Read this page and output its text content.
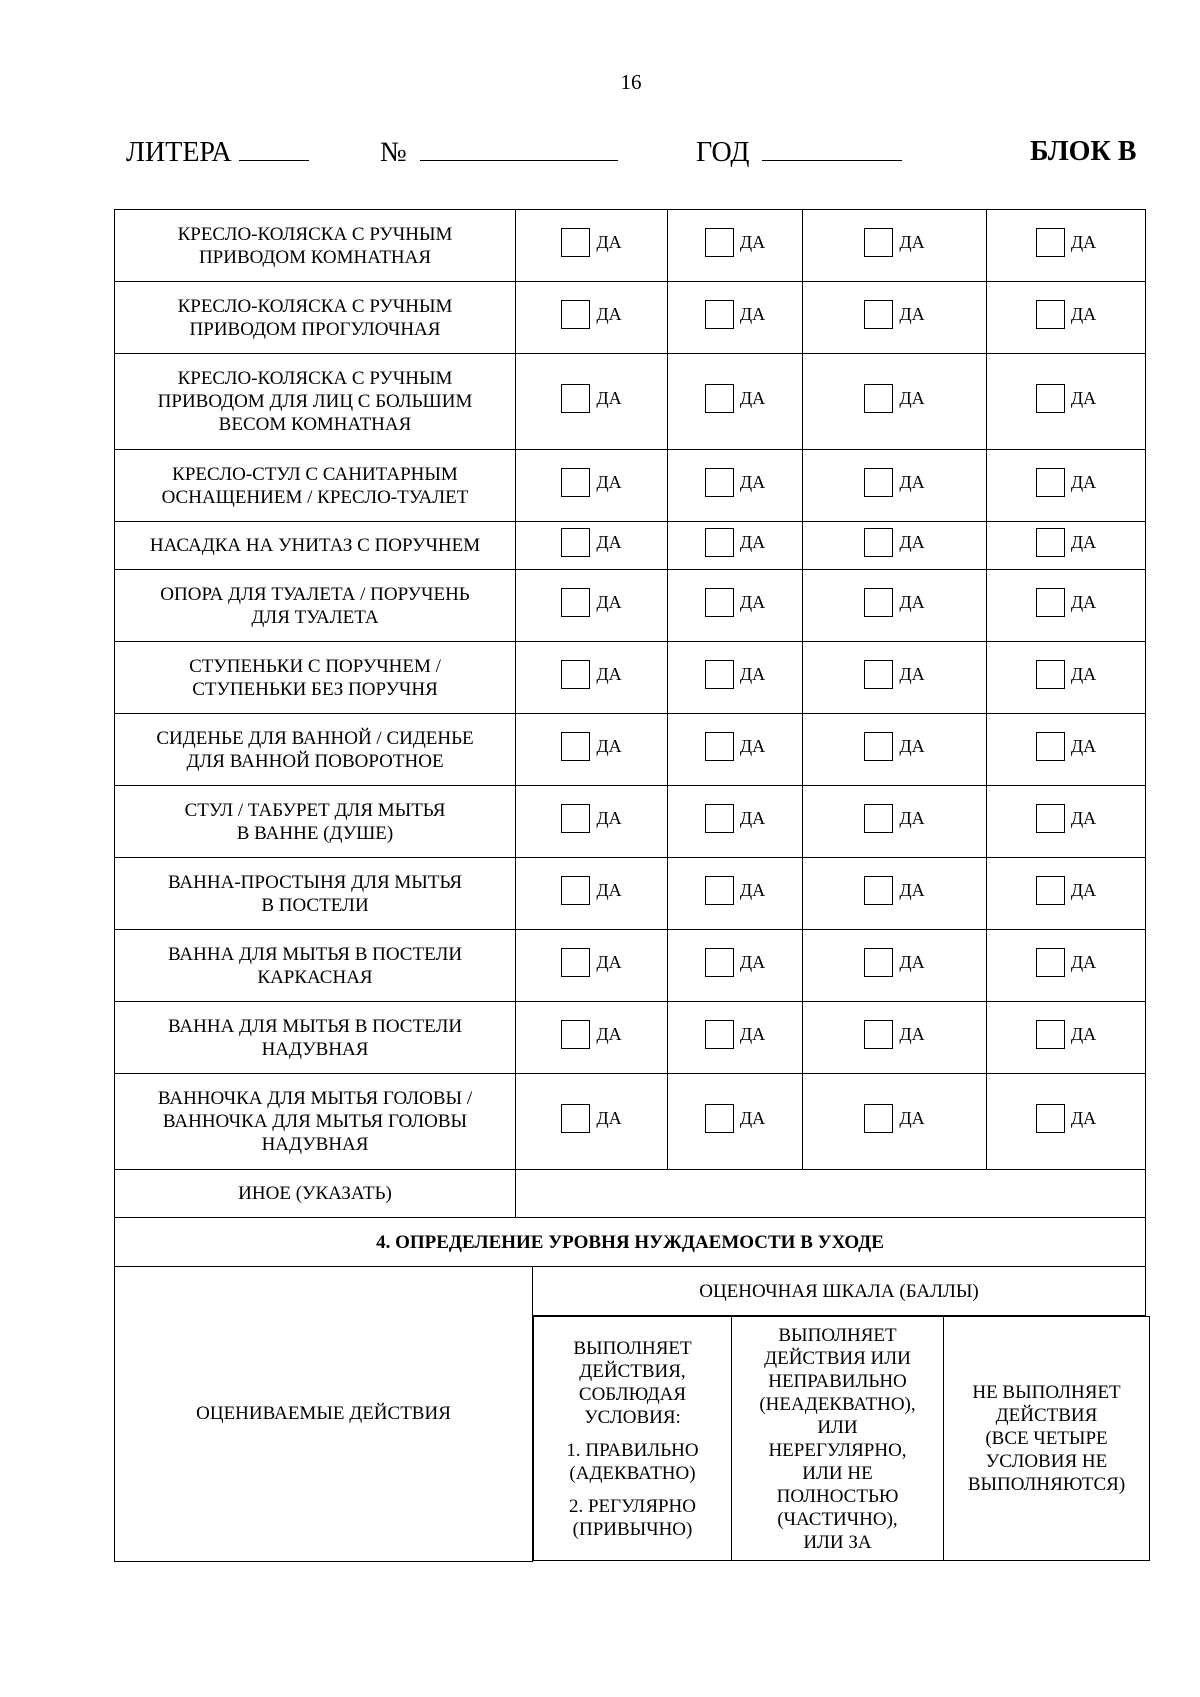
16
ЛИТЕРА	№	ГОД	БЛОК В
КРЕСЛО-КОЛЯСКА С РУЧНЫМ
ПРИВОДОМ КОМНАТНАЯ	
ДА	ДА	ДА	ДА

КРЕСЛО-КОЛЯСКА С РУЧНЫМ
ПРИВОДОМ ПРОГУЛОЧНАЯ	
ДА	ДА	ДА	ДА

КРЕСЛО-КОЛЯСКА С РУЧНЫМ
ПРИВОДОМ ДЛЯ ЛИЦ С БОЛЬШИМ
ВЕСОМ КОМНАТНАЯ	
ДА	ДА	ДА	ДА

КРЕСЛО-СТУЛ С САНИТАРНЫМ
ОСНАЩЕНИЕМ / КРЕСЛО-ТУАЛЕТ	
ДА	ДА	ДА	ДА

НАСАДКА НА УНИТАЗ С ПОРУЧНЕМ	ДА	ДА	ДА	ДА

ОПОРА ДЛЯ ТУАЛЕТА / ПОРУЧЕНЬ
ДЛЯ ТУАЛЕТА	
ДА	ДА	ДА	ДА

СТУПЕНЬКИ С ПОРУЧНЕМ /
СТУПЕНЬКИ БЕЗ ПОРУЧНЯ	
ДА	ДА	ДА	ДА

СИДЕНЬЕ ДЛЯ ВАННОЙ / СИДЕНЬЕ
ДЛЯ ВАННОЙ ПОВОРОТНОЕ	
ДА	ДА	ДА	ДА

СТУЛ / ТАБУРЕТ ДЛЯ МЫТЬЯ
В ВАННЕ (ДУШЕ)	
ДА	ДА	ДА	ДА

ВАННА-ПРОСТЫНЯ ДЛЯ МЫТЬЯ
В ПОСТЕЛИ	
ДА	ДА	ДА	ДА

ВАННА ДЛЯ МЫТЬЯ В ПОСТЕЛИ
КАРКАСНАЯ	
ДА	ДА	ДА	ДА

ВАННА ДЛЯ МЫТЬЯ В ПОСТЕЛИ
НАДУВНАЯ	
ДА	ДА	ДА	ДА

ВАННОЧКА ДЛЯ МЫТЬЯ ГОЛОВЫ /
ВАННОЧКА ДЛЯ МЫТЬЯ ГОЛОВЫ
НАДУВНАЯ	
ДА	ДА	ДА	ДА

ИНОЕ (УКАЗАТЬ)	
4. ОПРЕДЕЛЕНИЕ УРОВНЯ НУЖДАЕМОСТИ В УХОДЕ
ОЦЕНИВАЕМЫЕ ДЕЙСТВИЯ	ОЦЕНОЧНАЯ ШКАЛА (БАЛЛЫ)

ВЫПОЛНЯЕТ
ДЕЙСТВИЯ,
СОБЛЮДАЯ
УСЛОВИЯ:

1. ПРАВИЛЬНО
(АДЕКВАТНО)

2. РЕГУЛЯРНО
(ПРИВЫЧНО)

	ВЫПОЛНЯЕТ
ДЕЙСТВИЯ ИЛИ
НЕПРАВИЛЬНО
(НЕАДЕКВАТНО),
ИЛИ
НЕРЕГУЛЯРНО,
ИЛИ НЕ
ПОЛНОСТЬЮ
(ЧАСТИЧНО),
ИЛИ ЗА	НЕ ВЫПОЛНЯЕТ
ДЕЙСТВИЯ
(ВСЕ ЧЕТЫРЕ
УСЛОВИЯ НЕ
ВЫПОЛНЯЮТСЯ)
